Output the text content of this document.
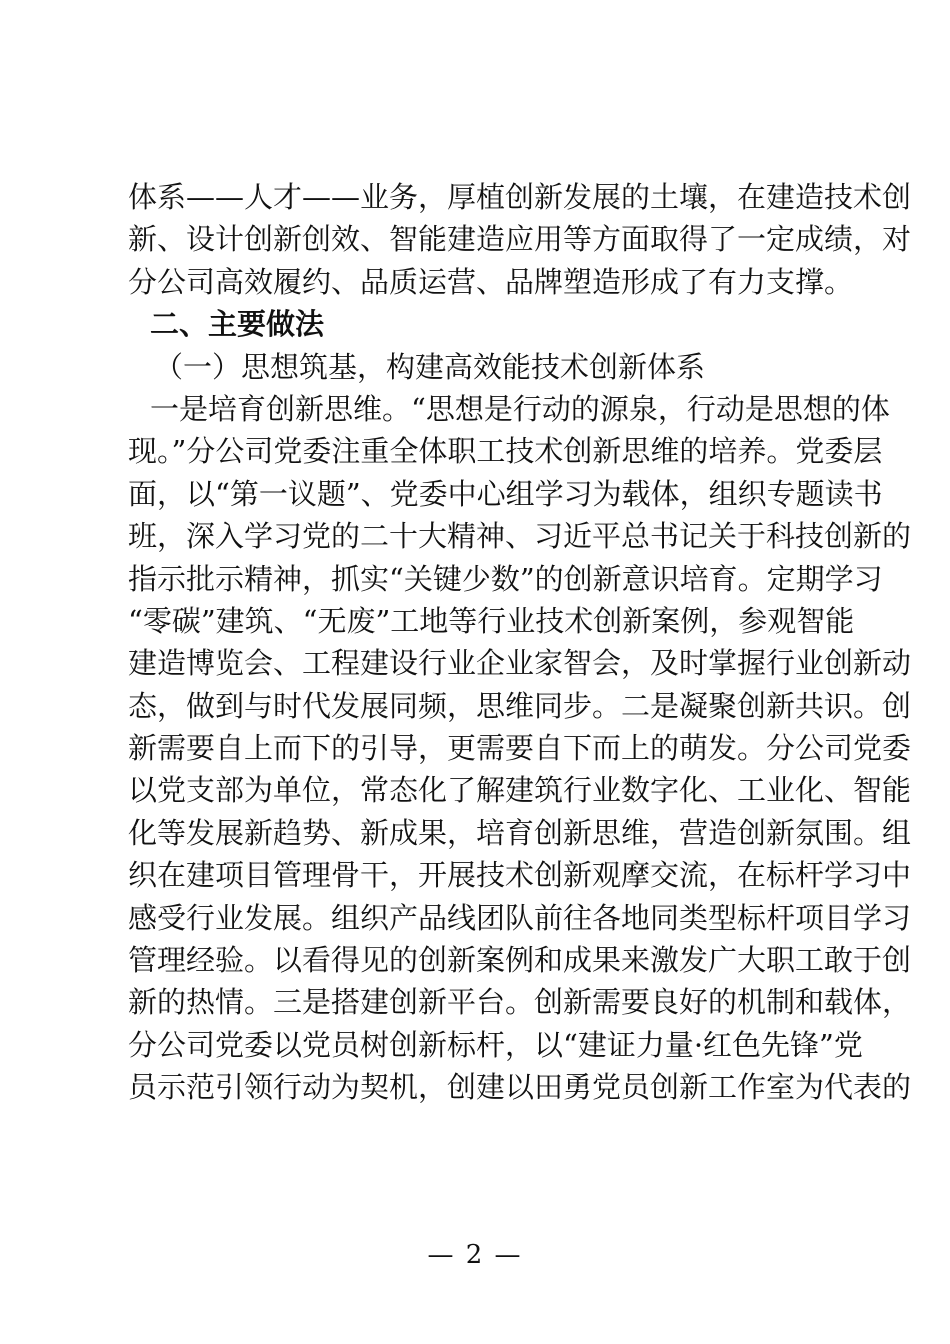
体系——人才——业务，厚植创新发展的土壤，在建造技术创
新、设计创新创效、智能建造应用等方面取得了一定成绩，对
分公司高效履约、品质运营、品牌塑造形成了有力支撑。
二、主要做法
（一）思想筑基，构建高效能技术创新体系
一是培育创新思维。“思想是行动的源泉，行动是思想的体
现。”分公司党委注重全体职工技术创新思维的培养。党委层
面，以“第一议题”、党委中心组学习为载体，组织专题读书
班，深入学习党的二十大精神、习近平总书记关于科技创新的
指示批示精神，抓实“关键少数”的创新意识培育。定期学习
“零碳”建筑、“无废”工地等行业技术创新案例，参观智能
建造博览会、工程建设行业企业家智会，及时掌握行业创新动
态，做到与时代发展同频，思维同步。二是凝聚创新共识。创
新需要自上而下的引导，更需要自下而上的萌发。分公司党委
以党支部为单位，常态化了解建筑行业数字化、工业化、智能
化等发展新趋势、新成果，培育创新思维，营造创新氛围。组
织在建项目管理骨干，开展技术创新观摩交流，在标杆学习中
感受行业发展。组织产品线团队前往各地同类型标杆项目学习
管理经验。以看得见的创新案例和成果来激发广大职工敢于创
新的热情。三是搭建创新平台。创新需要良好的机制和载体，
分公司党委以党员树创新标杆，以“建证力量·红色先锋”党
员示范引领行动为契机，创建以田勇党员创新工作室为代表的
— 2 —
